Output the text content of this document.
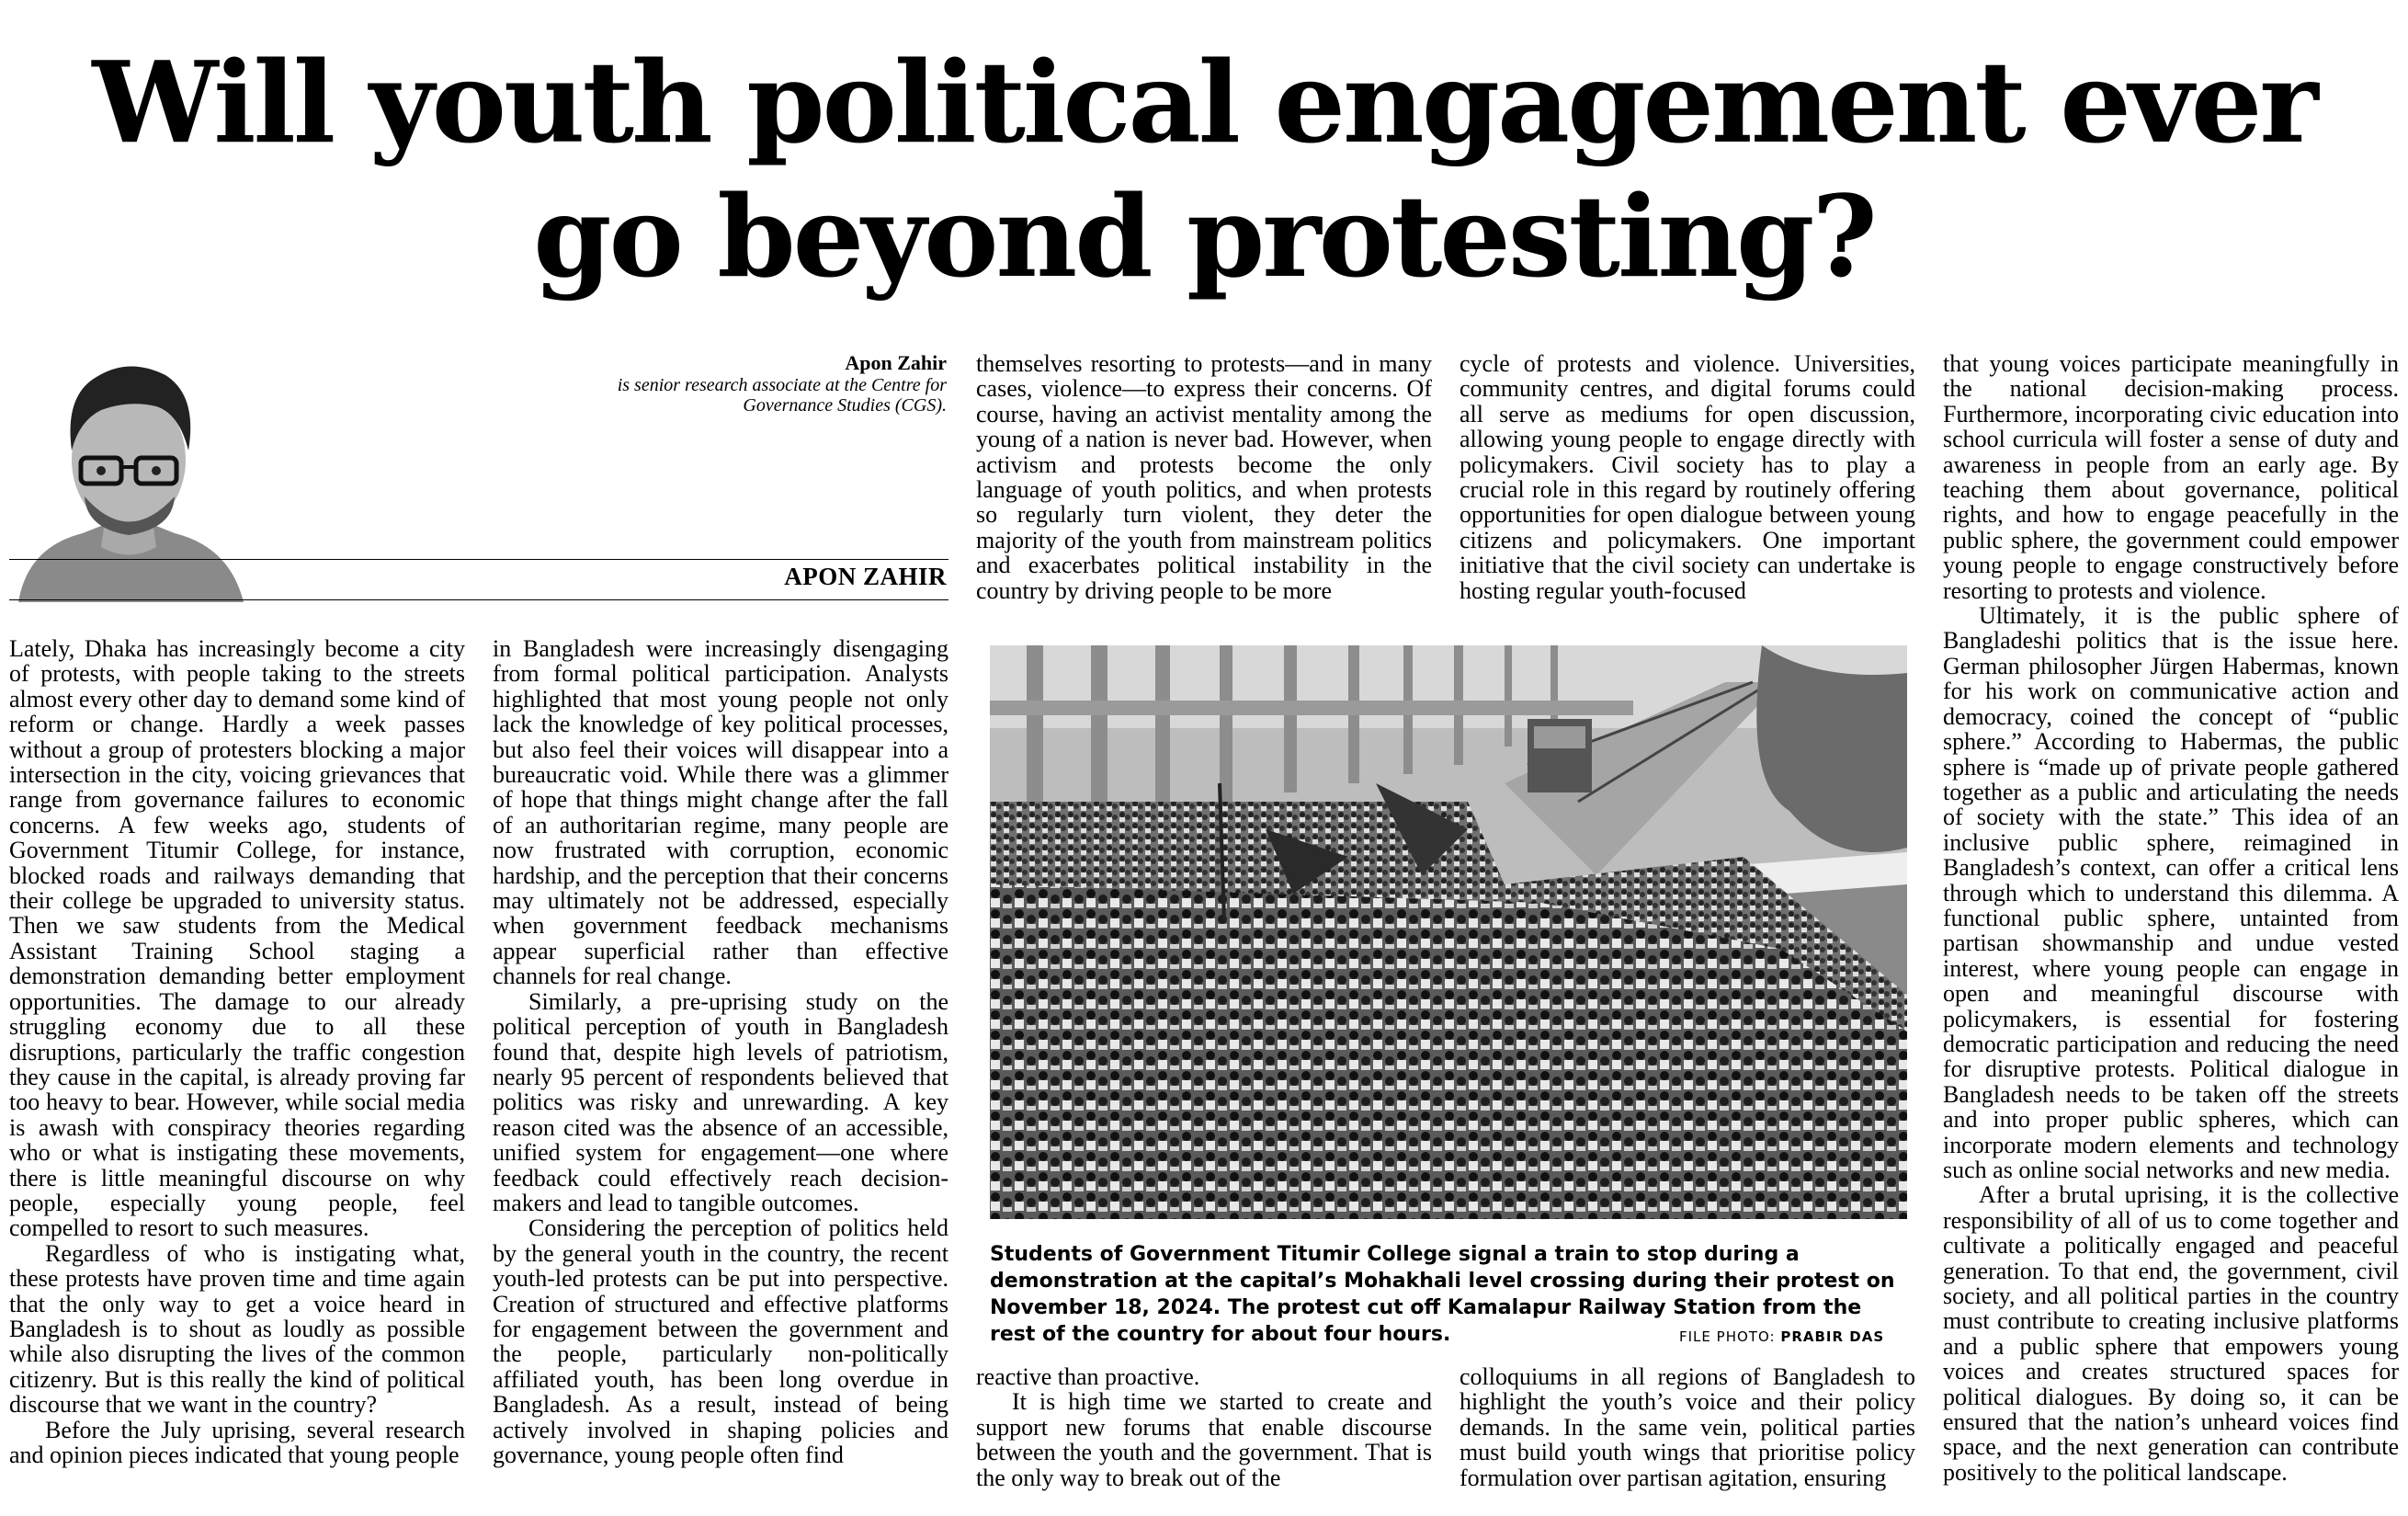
Will youth political engagement ever
go beyond protesting?
Apon Zahir
is senior research associate at the Centre for Governance Studies (CGS).
APON ZAHIR

Lately, Dhaka has increasingly become a city of protests, with people taking to the streets almost every other day to demand some kind of reform or change. Hardly a week passes without a group of protesters blocking a major intersection in the city, voicing grievances that range from governance failures to economic concerns. A few weeks ago, students of Government Titumir College, for instance, blocked roads and railways demanding that their college be upgraded to university status. Then we saw students from the Medical Assistant Training School staging a demonstration demanding better employment opportunities. The damage to our already struggling economy due to all these disruptions, particularly the traffic congestion they cause in the capital, is already proving far too heavy to bear. However, while social media is awash with conspiracy theories regarding who or what is instigating these movements, there is little meaningful discourse on why people, especially young people, feel compelled to resort to such measures.

Regardless of who is instigating what, these protests have proven time and time again that the only way to get a voice heard in Bangladesh is to shout as loudly as possible while also disrupting the lives of the common citizenry. But is this really the kind of political discourse that we want in the country?

Before the July uprising, several research and opinion pieces indicated that young people

in Bangladesh were increasingly disengaging from formal political participation. Analysts highlighted that most young people not only lack the knowledge of key political processes, but also feel their voices will disappear into a bureaucratic void. While there was a glimmer of hope that things might change after the fall of an authoritarian regime, many people are now frustrated with corruption, economic hardship, and the perception that their concerns may ultimately not be addressed, especially when government feedback mechanisms appear superficial rather than effective channels for real change.

Similarly, a pre-uprising study on the political perception of youth in Bangladesh found that, despite high levels of patriotism, nearly 95 percent of respondents believed that politics was risky and unrewarding. A key reason cited was the absence of an accessible, unified system for engagement—one where feedback could effectively reach decision-makers and lead to tangible outcomes.

Considering the perception of politics held by the general youth in the country, the recent youth-led protests can be put into perspective. Creation of structured and effective platforms for engagement between the government and the people, particularly non-politically affiliated youth, has been long overdue in Bangladesh. As a result, instead of being actively involved in shaping policies and governance, young people often find

themselves resorting to protests—and in many cases, violence—to express their concerns. Of course, having an activist mentality among the young of a nation is never bad. However, when activism and protests become the only language of youth politics, and when protests so regularly turn violent, they deter the majority of the youth from mainstream politics and exacerbates political instability in the country by driving people to be more

cycle of protests and violence. Universities, community centres, and digital forums could all serve as mediums for open discussion, allowing young people to engage directly with policymakers. Civil society has to play a crucial role in this regard by routinely offering opportunities for open dialogue between young citizens and policymakers. One important initiative that the civil society can undertake is hosting regular youth-focused

Students of Government Titumir College signal a train to stop during a demonstration at the capital’s Mohakhali level crossing during their protest on November 18, 2024. The protest cut off Kamalapur Railway Station from the rest of the country for about four hours.	FILE PHOTO: PRABIR DAS

reactive than proactive.

It is high time we started to create and support new forums that enable discourse between the youth and the government. That is the only way to break out of the

colloquiums in all regions of Bangladesh to highlight the youth’s voice and their policy demands. In the same vein, political parties must build youth wings that prioritise policy formulation over partisan agitation, ensuring

that young voices participate meaningfully in the national decision-making process. Furthermore, incorporating civic education into school curricula will foster a sense of duty and awareness in people from an early age. By teaching them about governance, political rights, and how to engage peacefully in the public sphere, the government could empower young people to engage constructively before resorting to protests and violence.

Ultimately, it is the public sphere of Bangladeshi politics that is the issue here. German philosopher Jürgen Habermas, known for his work on communicative action and democracy, coined the concept of “public sphere.” According to Habermas, the public sphere is “made up of private people gathered together as a public and articulating the needs of society with the state.” This idea of an inclusive public sphere, reimagined in Bangladesh’s context, can offer a critical lens through which to understand this dilemma. A functional public sphere, untainted from partisan showmanship and undue vested interest, where young people can engage in open and meaningful discourse with policymakers, is essential for fostering democratic participation and reducing the need for disruptive protests. Political dialogue in Bangladesh needs to be taken off the streets and into proper public spheres, which can incorporate modern elements and technology such as online social networks and new media.

After a brutal uprising, it is the collective responsibility of all of us to come together and cultivate a politically engaged and peaceful generation. To that end, the government, civil society, and all political parties in the country must contribute to creating inclusive platforms and a public sphere that empowers young voices and creates structured spaces for political dialogues. By doing so, it can be ensured that the nation’s unheard voices find space, and the next generation can contribute positively to the political landscape.
